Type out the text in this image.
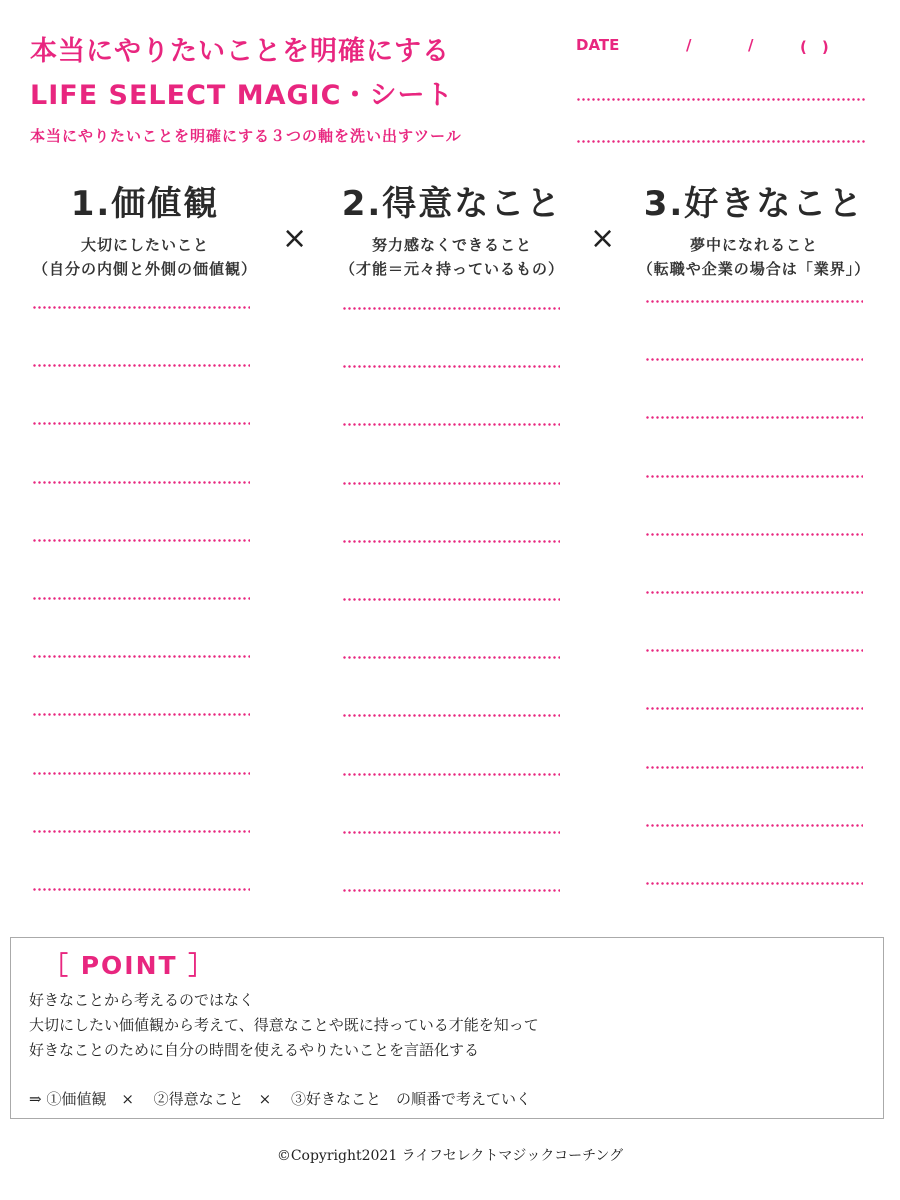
本当にやりたいことを明確にする
LIFE SELECT MAGIC・シート
本当にやりたいことを明確にする３つの軸を洗い出すツール
DATE	/	/	(　)
1.価値観
大切にしたいこと
（自分の内側と外側の価値観）
×
2.得意なこと
努力感なくできること
（才能＝元々持っているもの）
×
3.好きなこと
夢中になれること
（転職や企業の場合は「業界」）
［ POINT ］
好きなことから考えるのではなく
大切にしたい価値観から考えて、得意なことや既に持っている才能を知って
好きなことのために自分の時間を使えるやりたいことを言語化する
⇒ ①価値観　×　 ②得意なこと　×　 ③好きなこと　の順番で考えていく
©Copyright2021 ライフセレクトマジックコーチング
